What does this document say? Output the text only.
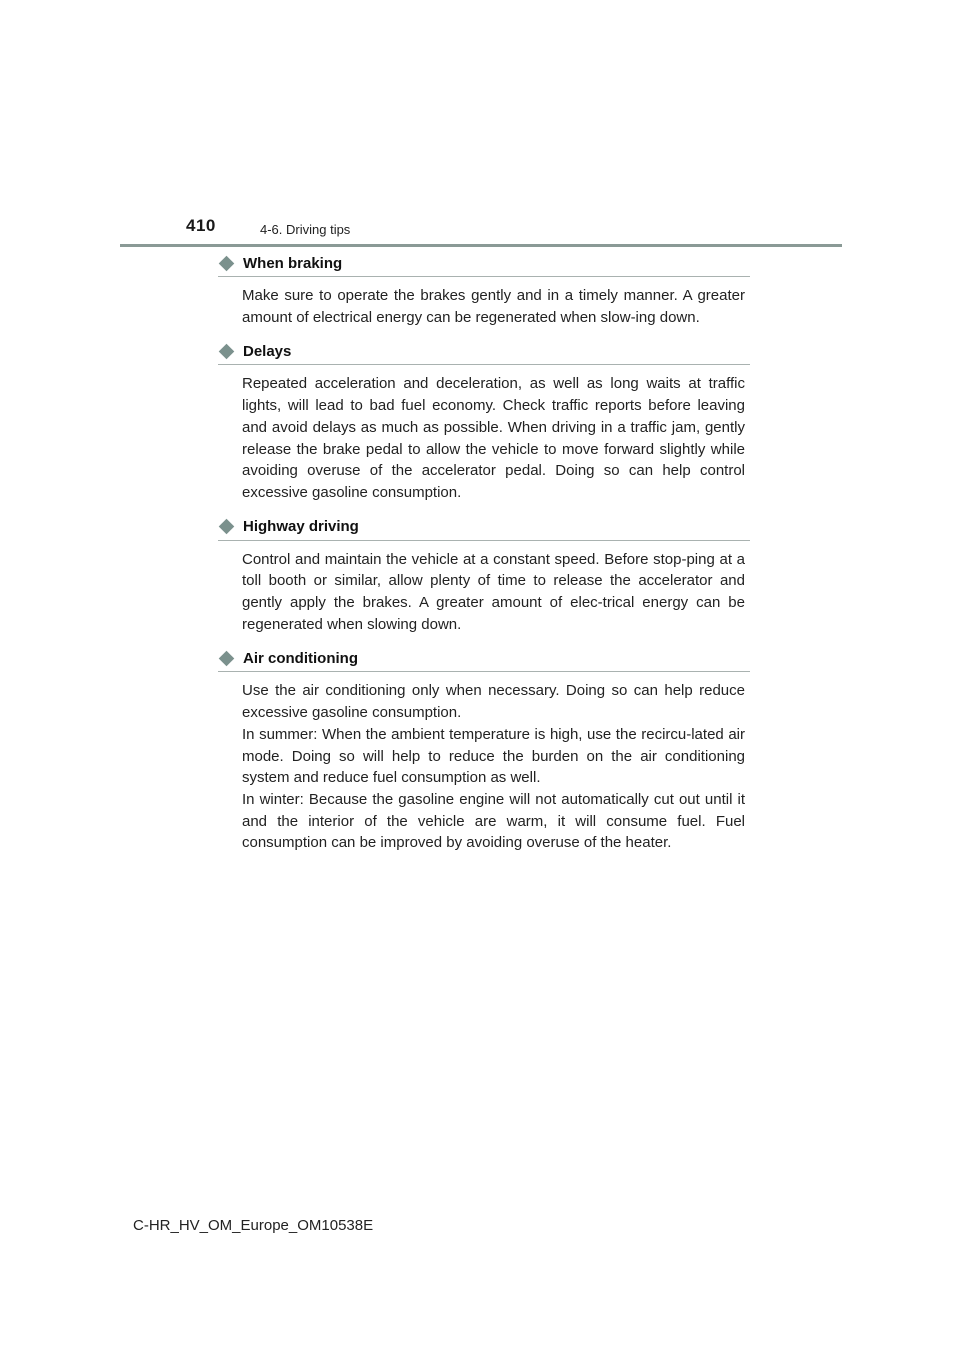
410	4-6. Driving tips
When braking

Make sure to operate the brakes gently and in a timely manner. A greater amount of electrical energy can be regenerated when slow-ing down.

Delays

Repeated acceleration and deceleration, as well as long waits at traffic lights, will lead to bad fuel economy. Check traffic reports before leaving and avoid delays as much as possible. When driving in a traffic jam, gently release the brake pedal to allow the vehicle to move forward slightly while avoiding overuse of the accelerator pedal. Doing so can help control excessive gasoline consumption.

Highway driving

Control and maintain the vehicle at a constant speed. Before stop-ping at a toll booth or similar, allow plenty of time to release the accelerator and gently apply the brakes. A greater amount of elec-trical energy can be regenerated when slowing down.

Air conditioning

Use the air conditioning only when necessary. Doing so can help reduce excessive gasoline consumption.
In summer: When the ambient temperature is high, use the recircu-lated air mode. Doing so will help to reduce the burden on the air conditioning system and reduce fuel consumption as well.
In winter: Because the gasoline engine will not automatically cut out until it and the interior of the vehicle are warm, it will consume fuel. Fuel consumption can be improved by avoiding overuse of the heater.

C-HR_HV_OM_Europe_OM10538E
